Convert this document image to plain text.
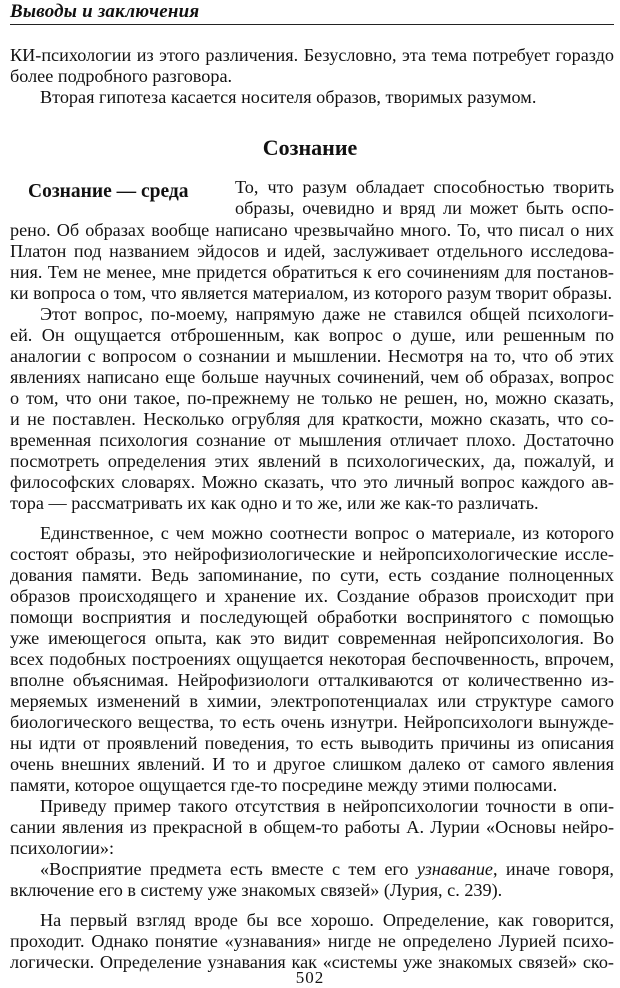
Выводы и заключения
КИ-психологии из этого различения. Безусловно, эта тема потребует гораздо
более подробного разговора.
Вторая гипотеза касается носителя образов, творимых разумом.
Сознание
Сознание — среда	То, что разум обладает способностью творить
образы, очевидно и вряд ли может быть оспо-
рено. Об образах вообще написано чрезвычайно много. То, что писал о них
Платон под названием эйдосов и идей, заслуживает отдельного исследова-
ния. Тем не менее, мне придется обратиться к его сочинениям для постанов-
ки вопроса о том, что является материалом, из которого разум творит образы.
Этот вопрос, по-моему, напрямую даже не ставился общей психологи-
ей. Он ощущается отброшенным, как вопрос о душе, или решенным по
аналогии с вопросом о сознании и мышлении. Несмотря на то, что об этих
явлениях написано еще больше научных сочинений, чем об образах, вопрос
о том, что они такое, по-прежнему не только не решен, но, можно сказать,
и не поставлен. Несколько огрубляя для краткости, можно сказать, что со-
временная психология сознание от мышления отличает плохо. Достаточно
посмотреть определения этих явлений в психологических, да, пожалуй, и
философских словарях. Можно сказать, что это личный вопрос каждого ав-
тора — рассматривать их как одно и то же, или же как-то различать.
Единственное, с чем можно соотнести вопрос о материале, из которого
состоят образы, это нейрофизиологические и нейропсихологические иссле-
дования памяти. Ведь запоминание, по сути, есть создание полноценных
образов происходящего и хранение их. Создание образов происходит при
помощи восприятия и последующей обработки воспринятого с помощью
уже имеющегося опыта, как это видит современная нейропсихология. Во
всех подобных построениях ощущается некоторая беспочвенность, впрочем,
вполне объяснимая. Нейрофизиологи отталкиваются от количественно из-
меряемых изменений в химии, электропотенциалах или структуре самого
биологического вещества, то есть очень изнутри. Нейропсихологи вынужде-
ны идти от проявлений поведения, то есть выводить причины из описания
очень внешних явлений. И то и другое слишком далеко от самого явления
памяти, которое ощущается где-то посредине между этими полюсами.
Приведу пример такого отсутствия в нейропсихологии точности в опи-
сании явления из прекрасной в общем-то работы А. Лурии «Основы нейро-
психологии»:
«Восприятие предмета есть вместе с тем его узнавание, иначе говоря,
включение его в систему уже знакомых связей» (Лурия, с. 239).
На первый взгляд вроде бы все хорошо. Определение, как говорится,
проходит. Однако понятие «узнавания» нигде не определено Лурией психо-
логически. Определение узнавания как «системы уже знакомых связей» ско-
502
